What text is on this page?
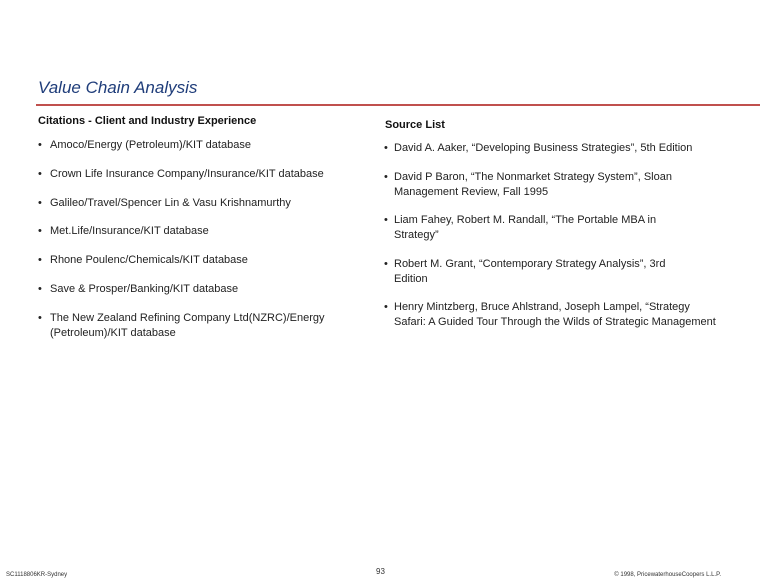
Value Chain Analysis
Citations - Client and Industry Experience	Source List
• Amoco/Energy (Petroleum)/KIT database
• Crown Life Insurance Company/Insurance/KIT database
• Galileo/Travel/Spencer Lin & Vasu Krishnamurthy
• Met.Life/Insurance/KIT database
• Rhone Poulenc/Chemicals/KIT database
• Save & Prosper/Banking/KIT database
• The New Zealand Refining Company Ltd(NZRC)/Energy (Petroleum)/KIT database
• David A. Aaker, “Developing Business Strategies”, 5th Edition
• David P Baron, “The Nonmarket Strategy System”, Sloan Management Review, Fall 1995
• Liam Fahey, Robert M. Randall, “The Portable MBA in Strategy”
• Robert M. Grant, “Contemporary Strategy Analysis”, 3rd Edition
• Henry Mintzberg, Bruce Ahlstrand, Joseph Lampel, “Strategy Safari: A Guided Tour Through the Wilds of Strategic Management
SC1118806KR-Sydney	93	© 1998, PricewaterhouseCoopers L.L.P.
